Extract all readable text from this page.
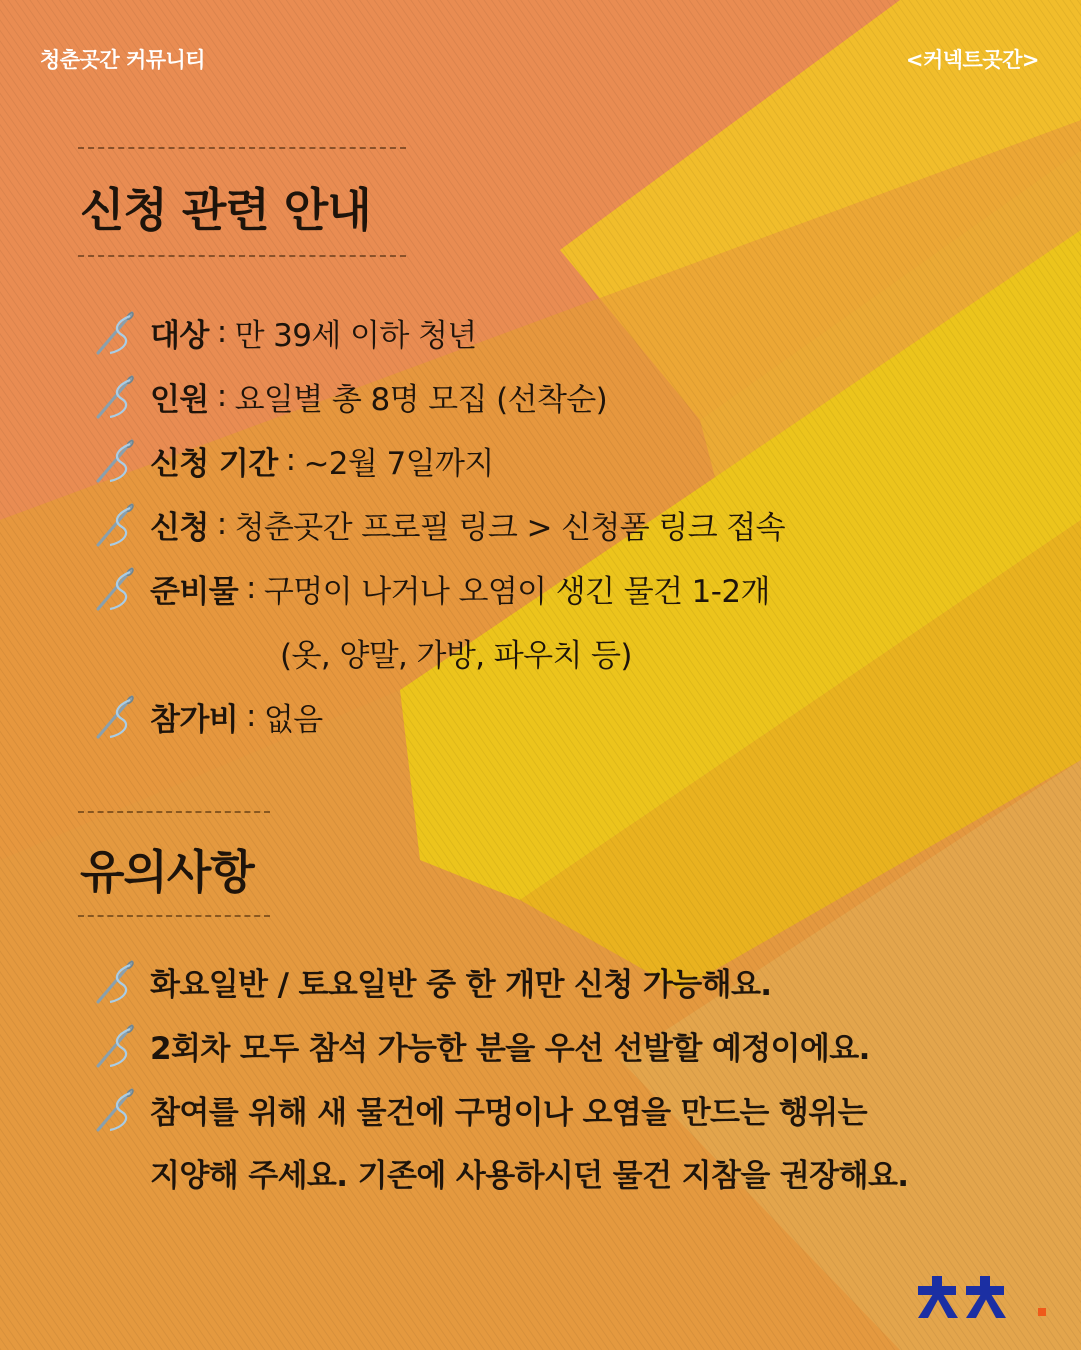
청춘곳간 커뮤니티	<커넥트곳간>
신청 관련 안내
대상 : 만 39세 이하 청년
인원 : 요일별 총 8명 모집 (선착순)
신청 기간 : ~2월 7일까지
신청 : 청춘곳간 프로필 링크 > 신청폼 링크 접속
준비물 : 구멍이 나거나 오염이 생긴 물건 1-2개
(옷, 양말, 가방, 파우치 등)
참가비 : 없음
유의사항
화요일반 / 토요일반 중 한 개만 신청 가능해요.
2회차 모두 참석 가능한 분을 우선 선발할 예정이에요.
참여를 위해 새 물건에 구멍이나 오염을 만드는 행위는
지양해 주세요. 기존에 사용하시던 물건 지참을 권장해요.
